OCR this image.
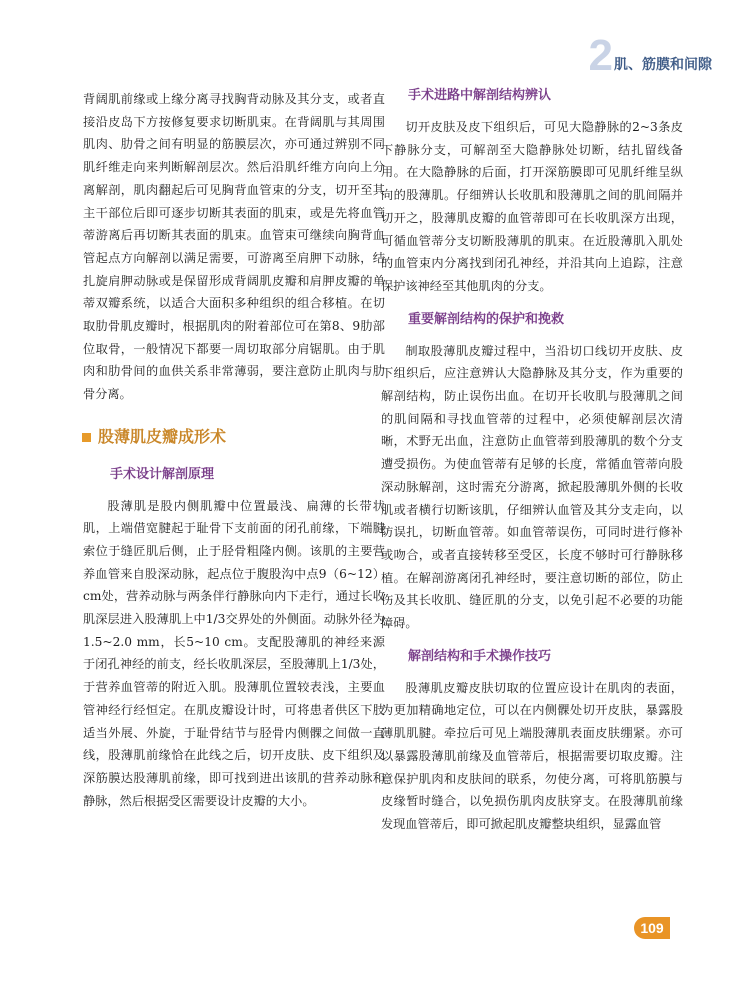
2 肌、筋膜和间隙

背阔肌前缘或上缘分离寻找胸背动脉及其分支，或者直接沿皮岛下方按修复要求切断肌束。在背阔肌与其周围肌肉、肋骨之间有明显的筋膜层次，亦可通过辨别不同肌纤维走向来判断解剖层次。然后沿肌纤维方向向上分离解剖，肌肉翻起后可见胸背血管束的分支，切开至其主干部位后即可逐步切断其表面的肌束，或是先将血管蒂游离后再切断其表面的肌束。血管束可继续向胸背血管起点方向解剖以满足需要，可游离至肩胛下动脉，结扎旋肩胛动脉或是保留形成背阔肌皮瓣和肩胛皮瓣的单蒂双瓣系统，以适合大面积多种组织的组合移植。在切取肋骨肌皮瓣时，根据肌肉的附着部位可在第8、9肋部位取骨，一般情况下都要一周切取部分肩锯肌。由于肌肉和肋骨间的血供关系非常薄弱，要注意防止肌肉与肋骨分离。

股薄肌皮瓣成形术
手术设计解剖原理

股薄肌是股内侧肌瓣中位置最浅、扁薄的长带状肌，上端借宽腱起于耻骨下支前面的闭孔前缘，下端腱索位于缝匠肌后侧，止于胫骨粗隆内侧。该肌的主要营养血管来自股深动脉，起点位于腹股沟中点9（6~12）cm处，营养动脉与两条伴行静脉向内下走行，通过长收肌深层进入股薄肌上中1/3交界处的外侧面。动脉外径为1.5~2.0 mm，长5~10 cm。支配股薄肌的神经来源于闭孔神经的前支，经长收肌深层，至股薄肌上1/3处，于营养血管蒂的附近入肌。股薄肌位置较表浅，主要血管神经行经恒定。在肌皮瓣设计时，可将患者供区下肢适当外展、外旋，于耻骨结节与胫骨内侧髁之间做一直线，股薄肌前缘恰在此线之后，切开皮肤、皮下组织及深筋膜达股薄肌前缘，即可找到进出该肌的营养动脉和静脉，然后根据受区需要设计皮瓣的大小。

手术进路中解剖结构辨认

切开皮肤及皮下组织后，可见大隐静脉的2~3条皮下静脉分支，可解剖至大隐静脉处切断，结扎留线备用。在大隐静脉的后面，打开深筋膜即可见肌纤维呈纵向的股薄肌。仔细辨认长收肌和股薄肌之间的肌间隔并切开之，股薄肌皮瓣的血管蒂即可在长收肌深方出现，可循血管蒂分支切断股薄肌的肌束。在近股薄肌入肌处的血管束内分离找到闭孔神经，并沿其向上追踪，注意保护该神经至其他肌肉的分支。

重要解剖结构的保护和挽救

制取股薄肌皮瓣过程中，当沿切口线切开皮肤、皮下组织后，应注意辨认大隐静脉及其分支，作为重要的解剖结构，防止误伤出血。在切开长收肌与股薄肌之间的肌间隔和寻找血管蒂的过程中，必须使解剖层次清晰，术野无出血，注意防止血管蒂到股薄肌的数个分支遭受损伤。为使血管蒂有足够的长度，常循血管蒂向股深动脉解剖，这时需充分游离，掀起股薄肌外侧的长收肌或者横行切断该肌，仔细辨认血管及其分支走向，以防误扎，切断血管蒂。如血管蒂误伤，可同时进行修补或吻合，或者直接转移至受区，长度不够时可行静脉移植。在解剖游离闭孔神经时，要注意切断的部位，防止伤及其长收肌、缝匠肌的分支，以免引起不必要的功能障碍。

解剖结构和手术操作技巧

股薄肌皮瓣皮肤切取的位置应设计在肌肉的表面，为更加精确地定位，可以在内侧髁处切开皮肤，暴露股薄肌肌腱。牵拉后可见上端股薄肌表面皮肤绷紧。亦可以暴露股薄肌前缘及血管蒂后，根据需要切取皮瓣。注意保护肌肉和皮肤间的联系，勿使分离，可将肌筋膜与皮缘暂时缝合，以免损伤肌肉皮肤穿支。在股薄肌前缘发现血管蒂后，即可掀起肌皮瓣整块组织，显露血管

109
